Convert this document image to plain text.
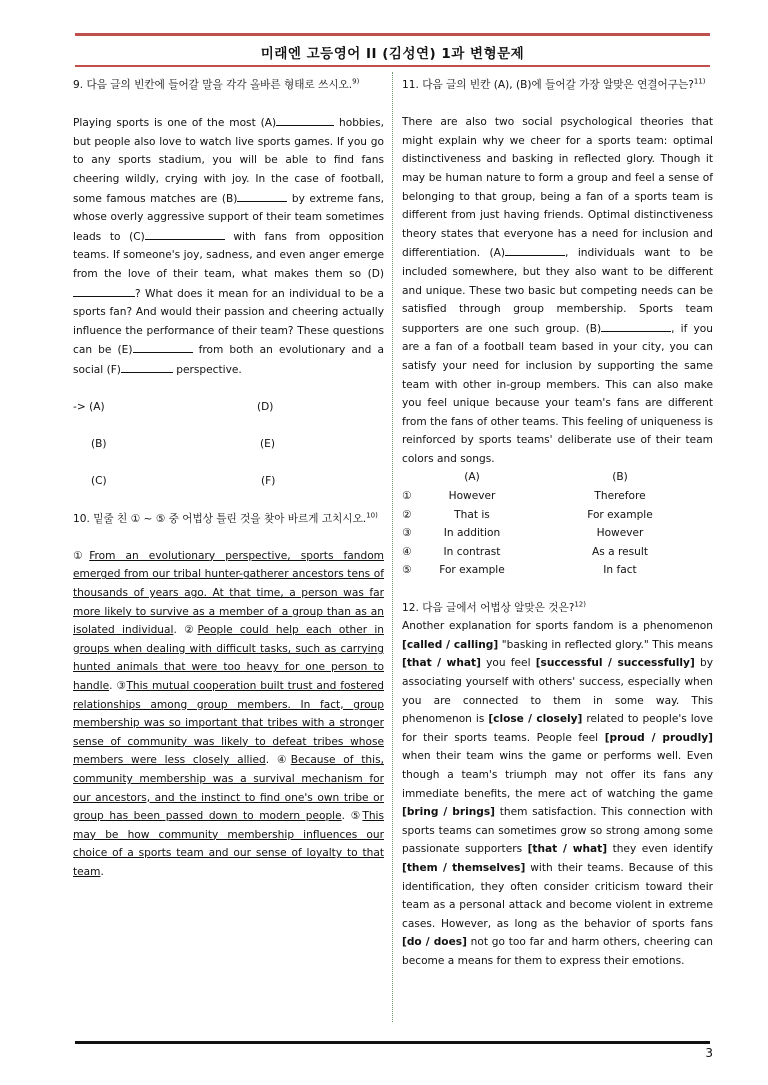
미래엔 고등영어 II (김성연) 1과 변형문제

9. 다음 글의 빈칸에 들어갈 말을 각각 올바른 형태로 쓰시오.$^{9)}$

Playing sports is one of the most (A)	hobbies, but people also love to watch live sports games. If you go to any sports stadium, you will be able to find fans cheering wildly, crying with joy. In the case of football, some famous matches are (B)	by extreme fans, whose overly aggressive support of their team sometimes leads to (C)	with fans from opposition teams. If someone's joy, sadness, and even anger emerge from the love of their team, what makes them so (D)? What does it mean for an individual to be a sports fan? And would their passion and cheering actually influence the performance of their team? These questions can be (E)	from both an evolutionary and a social (F)	perspective.

-> (A)	(D)
(B)	(E)
(C)	(F)

10. 밑줄 친 ① ~ ⑤ 중 어법상 틀린 것을 찾아 바르게 고치시오.$^{10)}$

①From an evolutionary perspective, sports fandom emerged from our tribal hunter-gatherer ancestors tens of thousands of years ago. At that time, a person was far more likely to survive as a member of a group than as an isolated individual. ②People could help each other in groups when dealing with difficult tasks, such as carrying hunted animals that were too heavy for one person to handle. ③This mutual cooperation built trust and fostered relationships among group members. In fact, group membership was so important that tribes with a stronger sense of community was likely to defeat tribes whose members were less closely allied. ④Because of this, community membership was a survival mechanism for our ancestors, and the instinct to find one's own tribe or group has been passed down to modern people. ⑤This may be how community membership influences our choice of a sports team and our sense of loyalty to that team.

11. 다음 글의 빈칸 (A), (B)에 들어갈 가장 알맞은 연결어구는?$^{11)}$

There are also two social psychological theories that might explain why we cheer for a sports team: optimal distinctiveness and basking in reflected glory. Though it may be human nature to form a group and feel a sense of belonging to that group, being a fan of a sports team is different from just having friends. Optimal distinctiveness theory states that everyone has a need for inclusion and differentiation. (A)	, individuals want to be included somewhere, but they also want to be different and unique. These two basic but competing needs can be satisfied through group membership. Sports team supporters are one such group. (B)	, if you are a fan of a football team based in your city, you can satisfy your need for inclusion by supporting the same team with other in-group members. This can also make you feel unique because your team's fans are different from the fans of other teams. This feeling of uniqueness is reinforced by sports teams' deliberate use of their team colors and songs.

(A)	(B)
①	However	Therefore
②	That is	For example
③	In addition	However
④	In contrast	As a result
⑤	For example	In fact

12. 다음 글에서 어법상 알맞은 것은?$^{12)}$

Another explanation for sports fandom is a phenomenon [called / calling] "basking in reflected glory." This means [that / what] you feel [successful / successfully] by associating yourself with others' success, especially when you are connected to them in some way. This phenomenon is [close / closely] related to people's love for their sports teams. People feel [proud / proudly] when their team wins the game or performs well. Even though a team's triumph may not offer its fans any immediate benefits, the mere act of watching the game [bring / brings] them satisfaction. This connection with sports teams can sometimes grow so strong among some passionate supporters [that / what] they even identify [them / themselves] with their teams. Because of this identification, they often consider criticism toward their team as a personal attack and become violent in extreme cases. However, as long as the behavior of sports fans [do / does] not go too far and harm others, cheering can become a means for them to express their emotions.

3
